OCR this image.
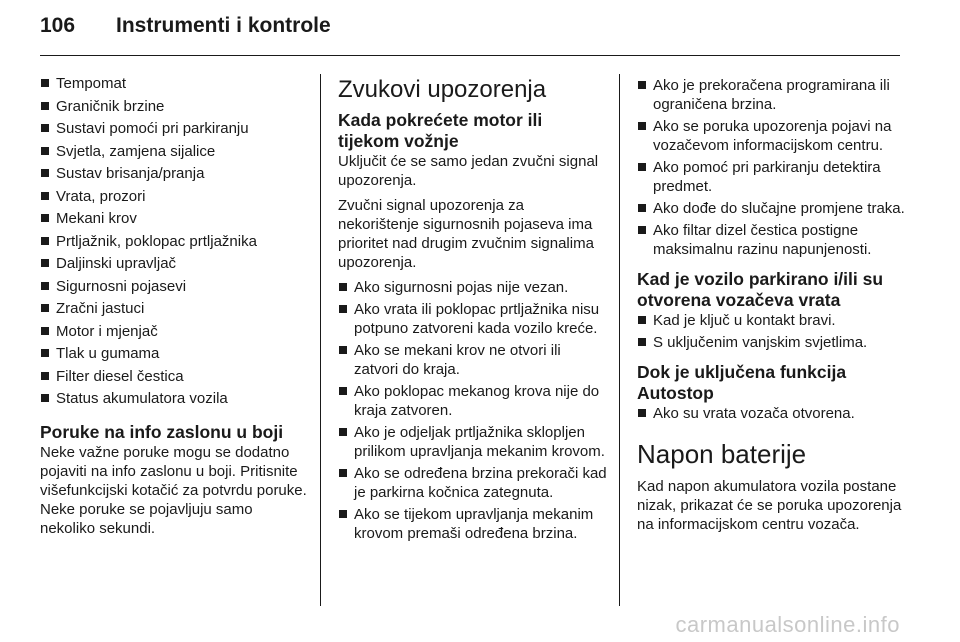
106 Instrumenti i kontrole
Tempomat
Graničnik brzine
Sustavi pomoći pri parkiranju
Svjetla, zamjena sijalice
Sustav brisanja/pranja
Vrata, prozori
Mekani krov
Prtljažnik, poklopac prtljažnika
Daljinski upravljač
Sigurnosni pojasevi
Zračni jastuci
Motor i mjenjač
Tlak u gumama
Filter diesel čestica
Status akumulatora vozila
Poruke na info zaslonu u boji

Neke važne poruke mogu se dodatno pojaviti na info zaslonu u boji. Pritisnite višefunkcijski kotačić za potvrdu poruke. Neke poruke se pojavljuju samo nekoliko sekundi.

Zvukovi upozorenja
Kada pokrećete motor ili tijekom vožnje

Uključit će se samo jedan zvučni signal upozorenja.

Zvučni signal upozorenja za nekorištenje sigurnosnih pojaseva ima prioritet nad drugim zvučnim signalima upozorenja.

Ako sigurnosni pojas nije vezan.
Ako vrata ili poklopac prtljažnika nisu potpuno zatvoreni kada vozilo kreće.
Ako se mekani krov ne otvori ili zatvori do kraja.
Ako poklopac mekanog krova nije do kraja zatvoren.
Ako je odjeljak prtljažnika sklopljen prilikom upravljanja mekanim krovom.
Ako se određena brzina prekorači kad je parkirna kočnica zategnuta.
Ako se tijekom upravljanja mekanim krovom premaši određena brzina.
Ako je prekoračena programirana ili ograničena brzina.
Ako se poruka upozorenja pojavi na vozačevom informacijskom centru.
Ako pomoć pri parkiranju detektira predmet.
Ako dođe do slučajne promjene traka.
Ako filtar dizel čestica postigne maksimalnu razinu napunjenosti.
Kad je vozilo parkirano i/ili su otvorena vozačeva vrata
Kad je ključ u kontakt bravi.
S uključenim vanjskim svjetlima.
Dok je uključena funkcija Autostop
Ako su vrata vozača otvorena.
Napon baterije

Kad napon akumulatora vozila postane nizak, prikazat će se poruka upozorenja na informacijskom centru vozača.

carmanualsonline.info
